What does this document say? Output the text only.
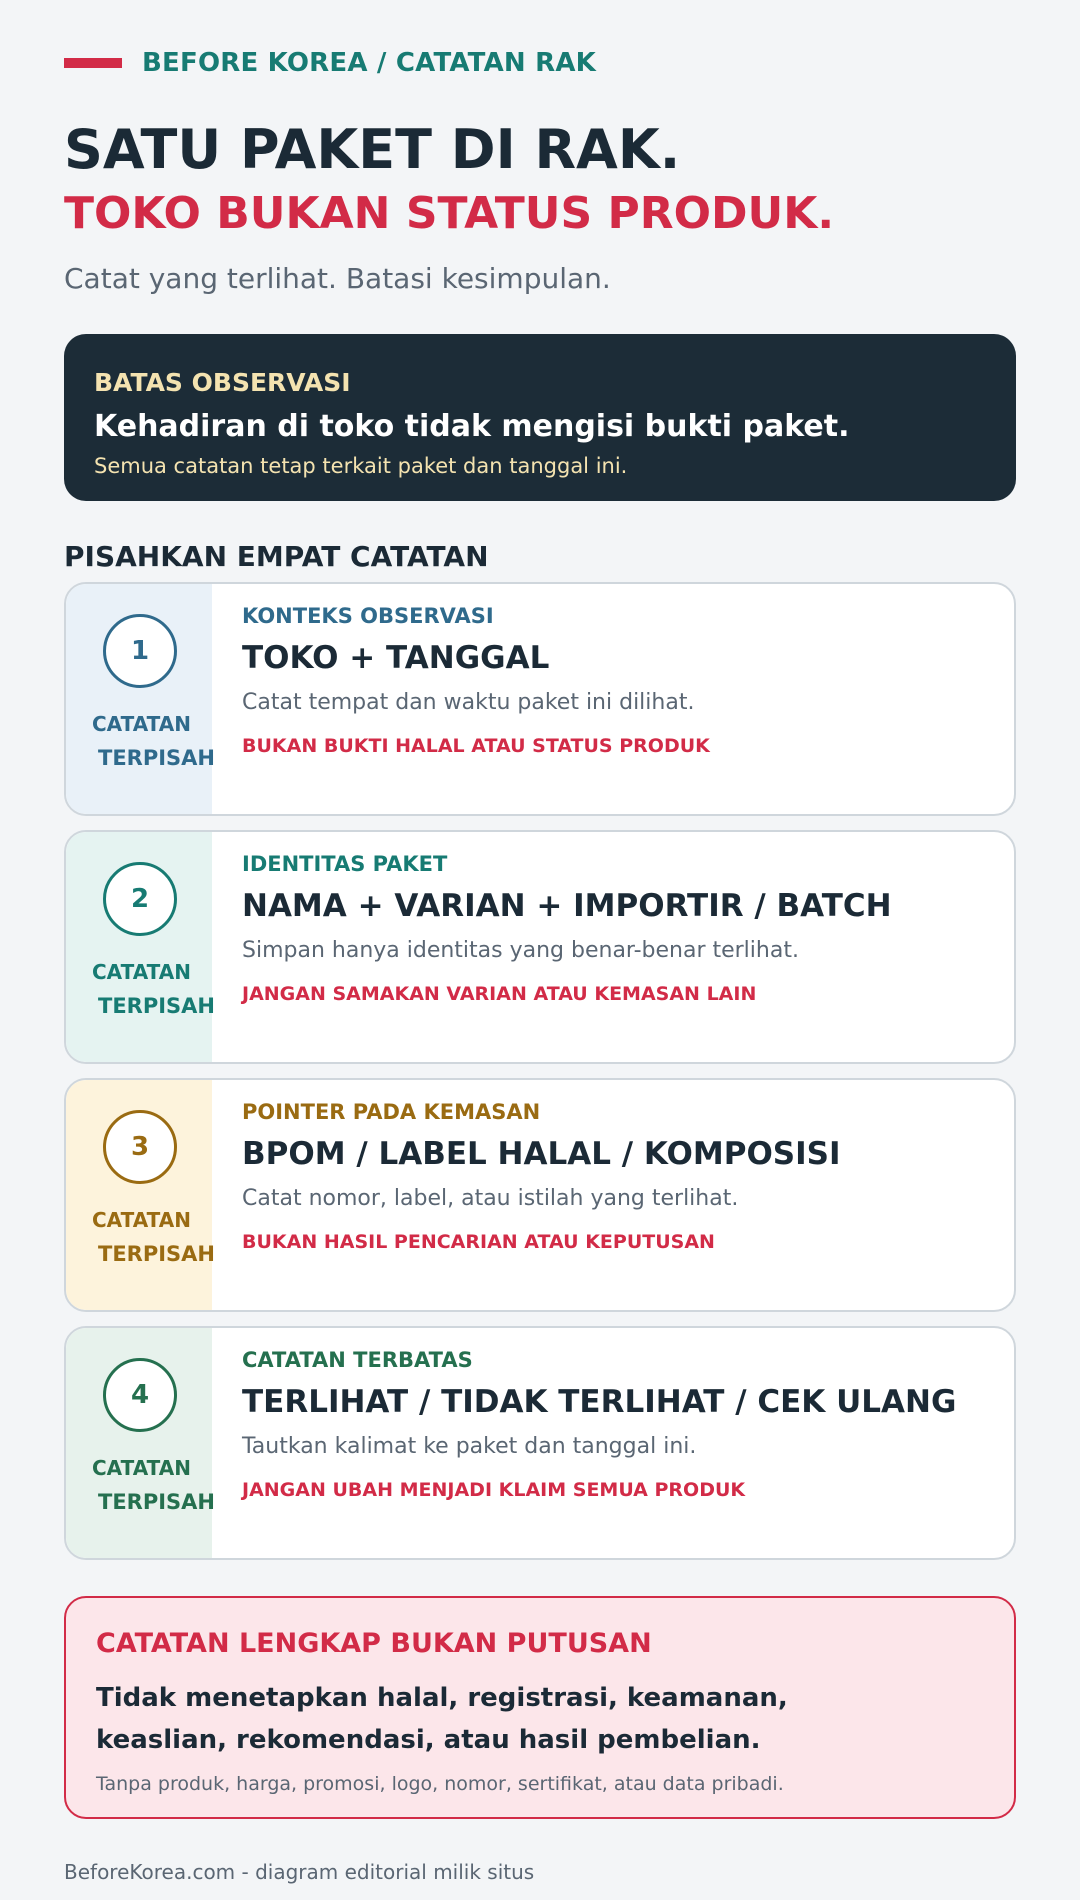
BEFORE KOREA / CATATAN RAK
SATU PAKET DI RAK.
TOKO BUKAN STATUS PRODUK.
Catat yang terlihat. Batasi kesimpulan.
BATAS OBSERVASI
Kehadiran di toko tidak mengisi bukti paket.
Semua catatan tetap terkait paket dan tanggal ini.
PISAHKAN EMPAT CATATAN
1
CATATAN
TERPISAH
KONTEKS OBSERVASI
TOKO + TANGGAL
Catat tempat dan waktu paket ini dilihat.
BUKAN BUKTI HALAL ATAU STATUS PRODUK
2
CATATAN
TERPISAH
IDENTITAS PAKET
NAMA + VARIAN + IMPORTIR / BATCH
Simpan hanya identitas yang benar-benar terlihat.
JANGAN SAMAKAN VARIAN ATAU KEMASAN LAIN
3
CATATAN
TERPISAH
POINTER PADA KEMASAN
BPOM / LABEL HALAL / KOMPOSISI
Catat nomor, label, atau istilah yang terlihat.
BUKAN HASIL PENCARIAN ATAU KEPUTUSAN
4
CATATAN
TERPISAH
CATATAN TERBATAS
TERLIHAT / TIDAK TERLIHAT / CEK ULANG
Tautkan kalimat ke paket dan tanggal ini.
JANGAN UBAH MENJADI KLAIM SEMUA PRODUK
CATATAN LENGKAP BUKAN PUTUSAN
Tidak menetapkan halal, registrasi, keamanan,
keaslian, rekomendasi, atau hasil pembelian.
Tanpa produk, harga, promosi, logo, nomor, sertifikat, atau data pribadi.
BeforeKorea.com - diagram editorial milik situs
